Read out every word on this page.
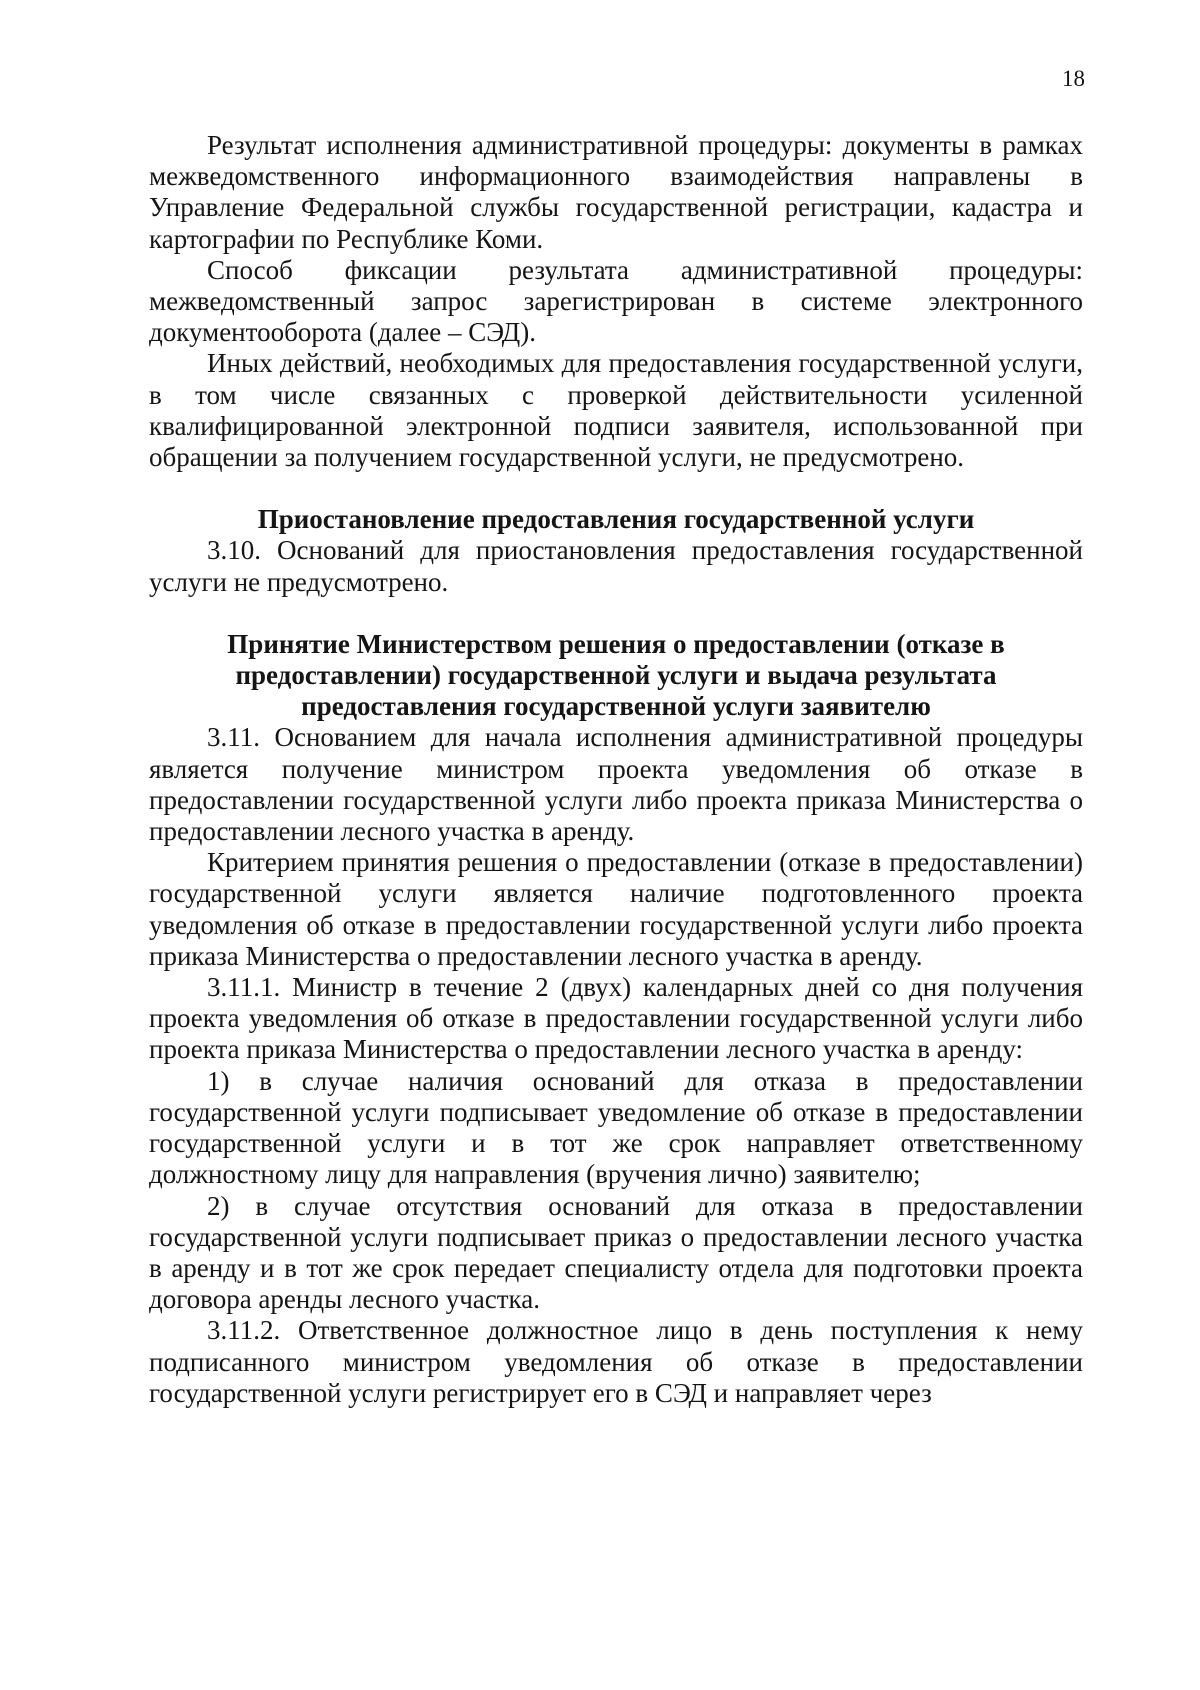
18

Результат исполнения административной процедуры: документы в рамках межведомственного информационного взаимодействия направлены в Управление Федеральной службы государственной регистрации, кадастра и картографии по Республике Коми.

Способ фиксации результата административной процедуры: межведомственный запрос зарегистрирован в системе электронного документооборота (далее – СЭД).

Иных действий, необходимых для предоставления государственной услуги, в том числе связанных с проверкой действительности усиленной квалифицированной электронной подписи заявителя, использованной при обращении за получением государственной услуги, не предусмотрено.

Приостановление предоставления государственной услуги

3.10. Оснований для приостановления предоставления государственной услуги не предусмотрено.

Принятие Министерством решения о предоставлении (отказе в

предоставлении) государственной услуги и выдача результата

предоставления государственной услуги заявителю

3.11. Основанием для начала исполнения административной процедуры является получение министром проекта уведомления об отказе в предоставлении государственной услуги либо проекта приказа Министерства о предоставлении лесного участка в аренду.

Критерием принятия решения о предоставлении (отказе в предоставлении) государственной услуги является наличие подготовленного проекта уведомления об отказе в предоставлении государственной услуги либо проекта приказа Министерства о предоставлении лесного участка в аренду.

3.11.1. Министр в течение 2 (двух) календарных дней со дня получения проекта уведомления об отказе в предоставлении государственной услуги либо проекта приказа Министерства о предоставлении лесного участка в аренду:

1) в случае наличия оснований для отказа в предоставлении государственной услуги подписывает уведомление об отказе в предоставлении государственной услуги и в тот же срок направляет ответственному должностному лицу для направления (вручения лично) заявителю;

2) в случае отсутствия оснований для отказа в предоставлении государственной услуги подписывает приказ о предоставлении лесного участка в аренду и в тот же срок передает специалисту отдела для подготовки проекта договора аренды лесного участка.

3.11.2. Ответственное должностное лицо в день поступления к нему подписанного министром уведомления об отказе в предоставлении государственной услуги регистрирует его в СЭД и направляет через
